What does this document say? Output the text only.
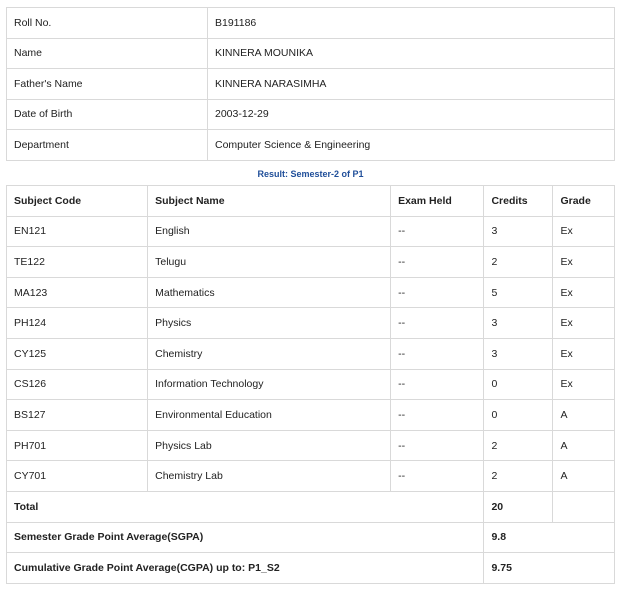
Roll No.	B191186
Name	KINNERA MOUNIKA
Father's Name	KINNERA NARASIMHA
Date of Birth	2003-12-29
Department	Computer Science & Engineering
Result: Semester-2 of P1
Subject Code	Subject Name	Exam Held	Credits	Grade
EN121	English	--	3	Ex
TE122	Telugu	--	2	Ex
MA123	Mathematics	--	5	Ex
PH124	Physics	--	3	Ex
CY125	Chemistry	--	3	Ex
CS126	Information Technology	--	0	Ex
BS127	Environmental Education	--	0	A
PH701	Physics Lab	--	2	A
CY701	Chemistry Lab	--	2	A
Total			20	
Semester Grade Point Average(SGPA)			9.8	
Cumulative Grade Point Average(CGPA) up to: P1_S2			9.75	
